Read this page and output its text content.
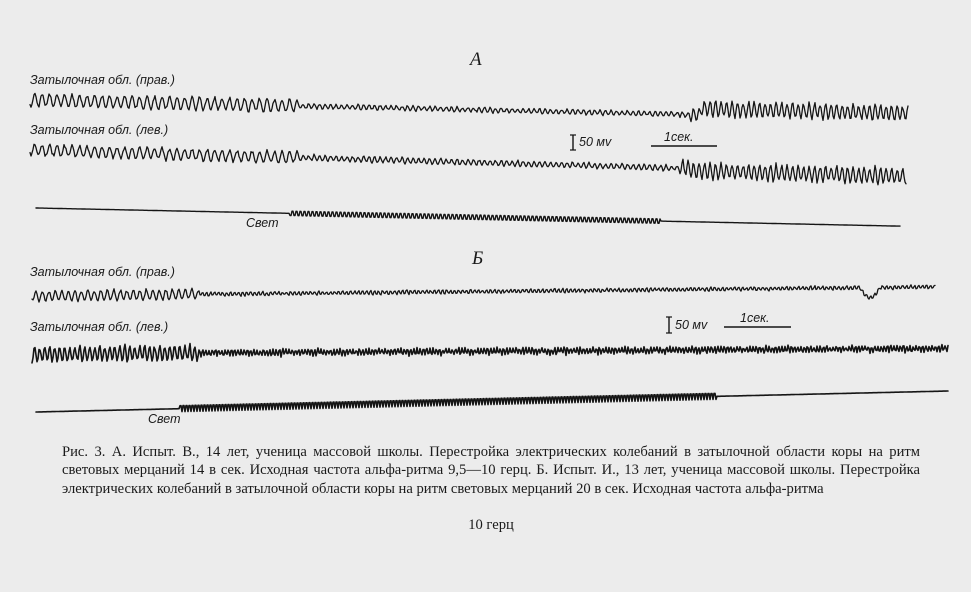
А
Затылочная обл. (прав.)
Затылочная обл. (лев.)
50 мv	1сек.
Свет
Б
Затылочная обл. (прав.)
Затылочная обл. (лев.)	50 мv	1сек.
Свет
Рис. 3. А. Испыт. В., 14 лет, ученица массовой школы. Перестройка электрических колебаний в затылочной области коры на ритм световых мерцаний 14 в сек. Исходная частота альфа-ритма 9,5—10 герц. Б. Испыт. И., 13 лет, ученица массовой школы. Перестройка электрических колебаний в затылочной области коры на ритм световых мерцаний 20 в сек. Исходная частота альфа-ритма
10 герц
